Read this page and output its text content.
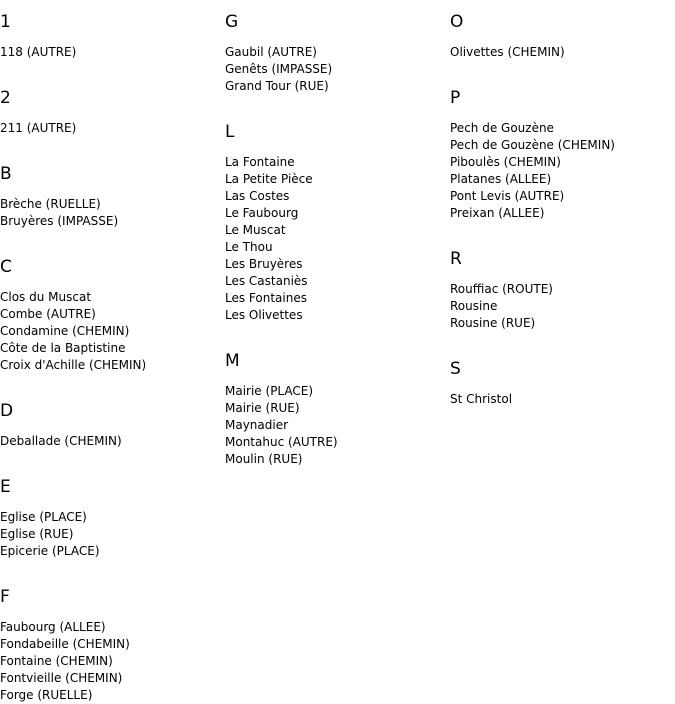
1
118 (AUTRE)
2
211 (AUTRE)
B
Brèche (RUELLE)
Bruyères (IMPASSE)
C
Clos du Muscat
Combe (AUTRE)
Condamine (CHEMIN)
Côte de la Baptistine
Croix d'Achille (CHEMIN)
D
Deballade (CHEMIN)
E
Eglise (PLACE)
Eglise (RUE)
Epicerie (PLACE)
F
Faubourg (ALLEE)
Fondabeille (CHEMIN)
Fontaine (CHEMIN)
Fontvieille (CHEMIN)
Forge (RUELLE)
G
Gaubil (AUTRE)
Genêts (IMPASSE)
Grand Tour (RUE)
L
La Fontaine
La Petite Pièce
Las Costes
Le Faubourg
Le Muscat
Le Thou
Les Bruyères
Les Castaniès
Les Fontaines
Les Olivettes
M
Mairie (PLACE)
Mairie (RUE)
Maynadier
Montahuc (AUTRE)
Moulin (RUE)
O
Olivettes (CHEMIN)
P
Pech de Gouzène
Pech de Gouzène (CHEMIN)
Piboulès (CHEMIN)
Platanes (ALLEE)
Pont Levis (AUTRE)
Preixan (ALLEE)
R
Rouffiac (ROUTE)
Rousine
Rousine (RUE)
S
St Christol
